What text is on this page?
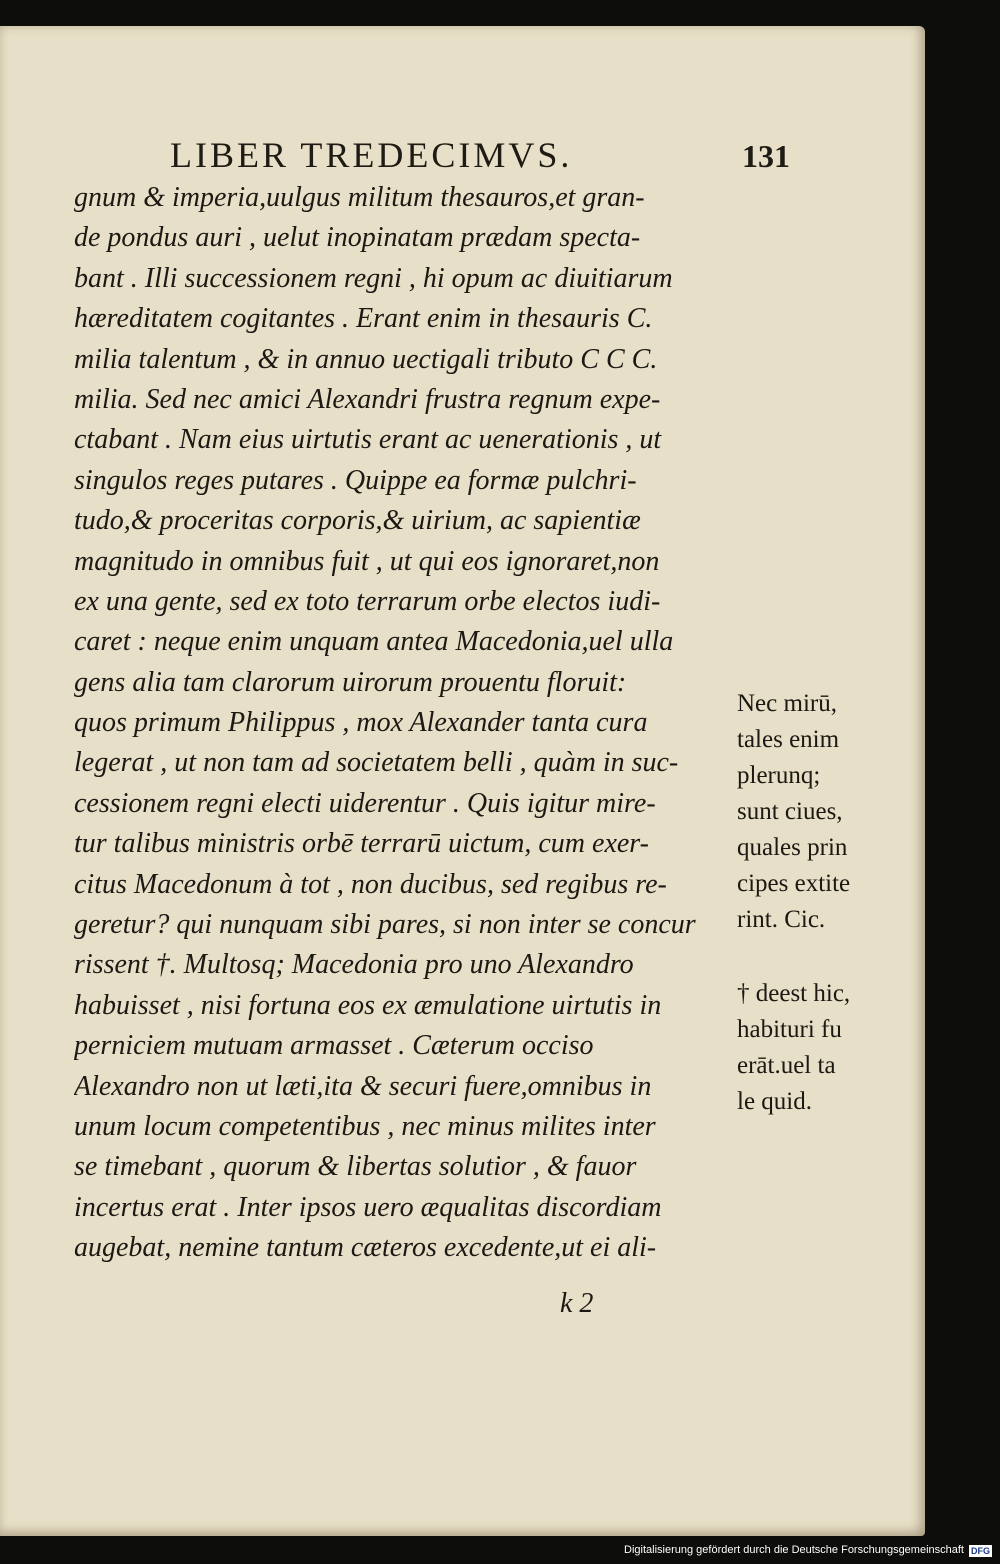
LIBER TREDECIMVS.	131
gnum & imperia,uulgus militum thesauros,et gran-
de pondus auri , uelut inopinatam prædam specta-
bant . Illi successionem regni , hi opum ac diuitiarum
hæreditatem cogitantes . Erant enim in thesauris C.
milia talentum , & in annuo uectigali tributo C C C.
milia. Sed nec amici Alexandri frustra regnum expe-
ctabant . Nam eius uirtutis erant ac uenerationis , ut
singulos reges putares . Quippe ea formæ pulchri-
tudo,& proceritas corporis,& uirium, ac sapientiæ
magnitudo in omnibus fuit , ut qui eos ignoraret,non
ex una gente, sed ex toto terrarum orbe electos iudi-
caret : neque enim unquam antea Macedonia,uel ulla
gens alia tam clarorum uirorum prouentu floruit:
quos primum Philippus , mox Alexander tanta cura
legerat , ut non tam ad societatem belli , quàm in suc-
cessionem regni electi uiderentur . Quis igitur mire-
tur talibus ministris orbē terrarū uictum, cum exer-
citus Macedonum à tot , non ducibus, sed regibus re-
geretur? qui nunquam sibi pares, si non inter se concur
rissent †. Multosq; Macedonia pro uno Alexandro
habuisset , nisi fortuna eos ex æmulatione uirtutis in
perniciem mutuam armasset . Cæterum occiso
Alexandro non ut læti,ita & securi fuere,omnibus in
unum locum competentibus , nec minus milites inter
se timebant , quorum & libertas solutior , & fauor
incertus erat . Inter ipsos uero æqualitas discordiam
augebat, nemine tantum cæteros excedente,ut ei ali-
Nec mirū,
tales enim
plerunq;
sunt ciues,
quales prin
cipes extite
rint. Cic.
† deest hic,
habituri fu
erāt.uel ta
le quid.
k 2
Digitalisierung gefördert durch die Deutsche Forschungsgemeinschaft DFG
